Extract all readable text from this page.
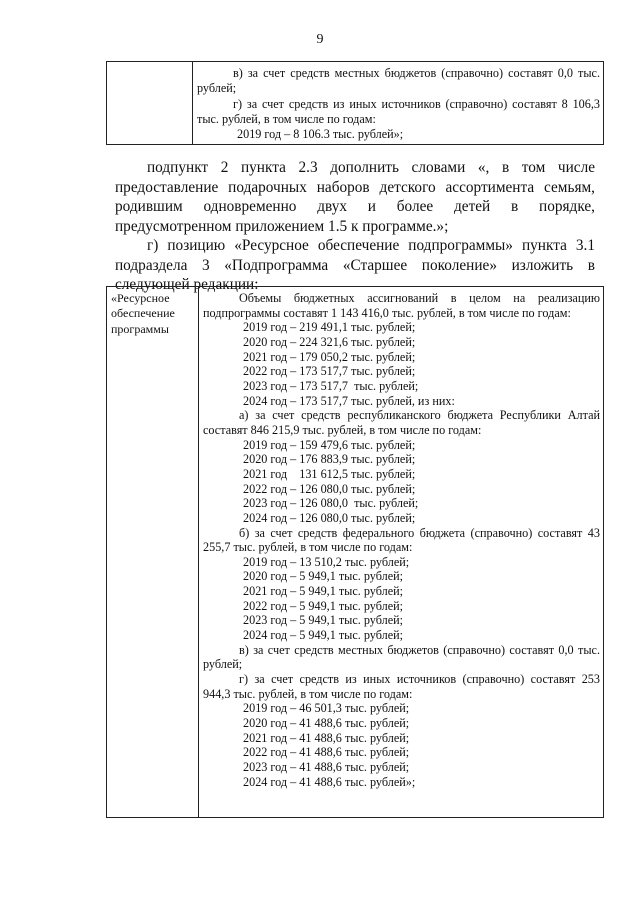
9
в) за счет средств местных бюджетов (справочно) составят 0,0 тыс. рублей;
г) за счет средств из иных источников (справочно) составят 8 106,3 тыс. рублей, в том числе по годам:
2019 год – 8 106.3 тыс. рублей»;
подпункт 2 пункта 2.3 дополнить словами «, в том числе предоставление подарочных наборов детского ассортимента семьям, родившим одновременно двух и более детей в порядке, предусмотренном приложением 1.5 к программе.»;
г) позицию «Ресурсное обеспечение подпрограммы» пункта 3.1 подраздела 3 «Подпрограмма «Старшее поколение» изложить в следующей редакции:
«Ресурсное обеспечение программы
Объемы бюджетных ассигнований в целом на реализацию подпрограммы составят 1 143 416,0 тыс. рублей, в том числе по годам:
2019 год – 219 491,1 тыс. рублей;
2020 год – 224 321,6 тыс. рублей;
2021 год – 179 050,2 тыс. рублей;
2022 год – 173 517,7 тыс. рублей;
2023 год – 173 517,7  тыс. рублей;
2024 год – 173 517,7 тыс. рублей, из них:
а) за счет средств республиканского бюджета Республики Алтай составят 846 215,9 тыс. рублей, в том числе по годам:
2019 год – 159 479,6 тыс. рублей;
2020 год – 176 883,9 тыс. рублей;
2021 год    131 612,5 тыс. рублей;
2022 год – 126 080,0 тыс. рублей;
2023 год – 126 080,0  тыс. рублей;
2024 год – 126 080,0 тыс. рублей;
б) за счет средств федерального бюджета (справочно) составят 43 255,7 тыс. рублей, в том числе по годам:
2019 год – 13 510,2 тыс. рублей;
2020 год – 5 949,1 тыс. рублей;
2021 год – 5 949,1 тыс. рублей;
2022 год – 5 949,1 тыс. рублей;
2023 год – 5 949,1 тыс. рублей;
2024 год – 5 949,1 тыс. рублей;
в) за счет средств местных бюджетов (справочно) составят 0,0 тыс. рублей;
г) за счет средств из иных источников (справочно) составят 253 944,3 тыс. рублей, в том числе по годам:
2019 год – 46 501,3 тыс. рублей;
2020 год – 41 488,6 тыс. рублей;
2021 год – 41 488,6 тыс. рублей;
2022 год – 41 488,6 тыс. рублей;
2023 год – 41 488,6 тыс. рублей;
2024 год – 41 488,6 тыс. рублей»;
